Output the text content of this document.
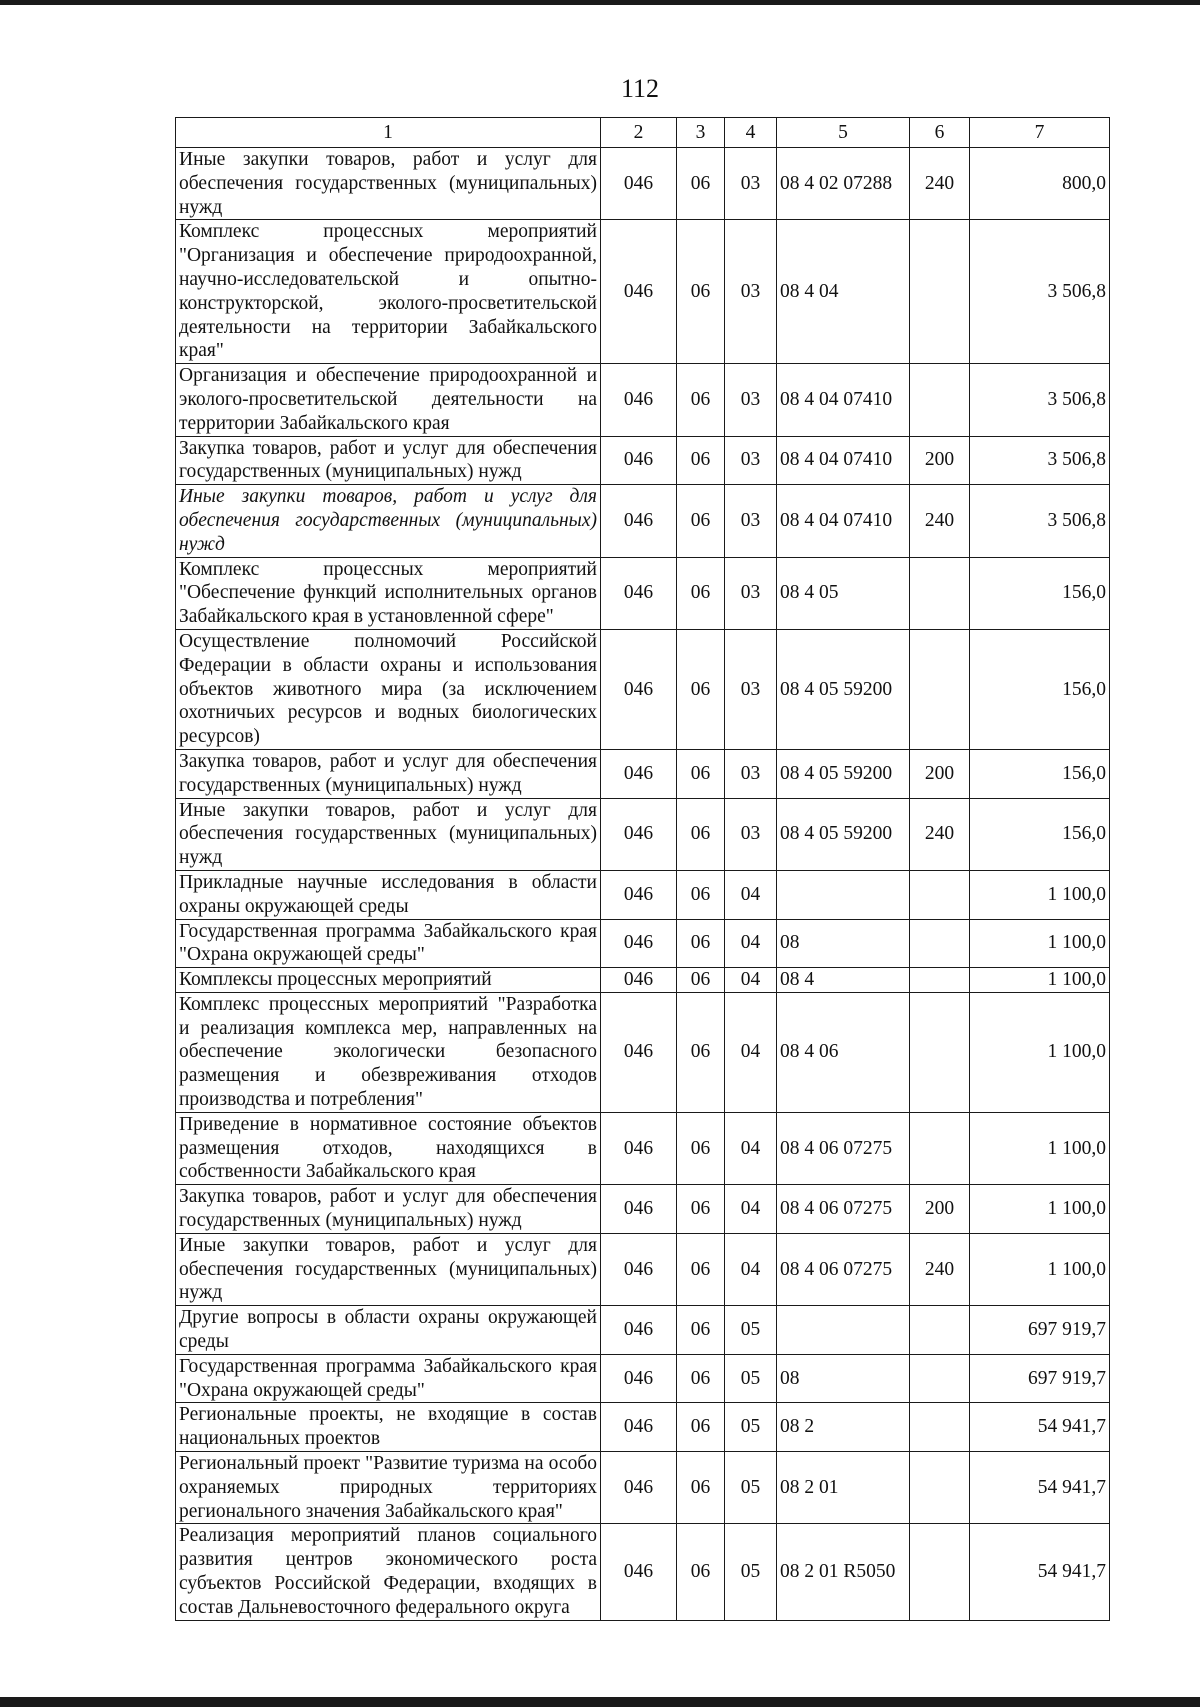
112
1	2	3	4	5	6	7
Иные закупки товаров, работ и услуг для обеспечения государственных (муниципальных) нужд	046	06	03	08 4 02 07288	240	800,0
Комплекс процессных мероприятий "Организация и обеспечение природоохранной, научно-исследовательской и опытно-конструкторской, эколого-просветительской деятельности на территории Забайкальского края"	046	06	03	08 4 04		3 506,8
Организация и обеспечение природоохранной и эколого-просветительской деятельности на территории Забайкальского края	046	06	03	08 4 04 07410		3 506,8
Закупка товаров, работ и услуг для обеспечения государственных (муниципальных) нужд	046	06	03	08 4 04 07410	200	3 506,8
Иные закупки товаров, работ и услуг для обеспечения государственных (муниципальных) нужд	046	06	03	08 4 04 07410	240	3 506,8
Комплекс процессных мероприятий "Обеспечение функций исполнительных органов Забайкальского края в установленной сфере"	046	06	03	08 4 05		156,0
Осуществление полномочий Российской Федерации в области охраны и использования объектов животного мира (за исключением охотничьих ресурсов и водных биологических ресурсов)	046	06	03	08 4 05 59200		156,0
Закупка товаров, работ и услуг для обеспечения государственных (муниципальных) нужд	046	06	03	08 4 05 59200	200	156,0
Иные закупки товаров, работ и услуг для обеспечения государственных (муниципальных) нужд	046	06	03	08 4 05 59200	240	156,0
Прикладные научные исследования в области охраны окружающей среды	046	06	04			1 100,0
Государственная программа Забайкальского края "Охрана окружающей среды"	046	06	04	08		1 100,0
Комплексы процессных мероприятий	046	06	04	08 4		1 100,0
Комплекс процессных мероприятий "Разработка и реализация комплекса мер, направленных на обеспечение экологически безопасного размещения и обезвреживания отходов производства и потребления"	046	06	04	08 4 06		1 100,0
Приведение в нормативное состояние объектов размещения отходов, находящихся в собственности Забайкальского края	046	06	04	08 4 06 07275		1 100,0
Закупка товаров, работ и услуг для обеспечения государственных (муниципальных) нужд	046	06	04	08 4 06 07275	200	1 100,0
Иные закупки товаров, работ и услуг для обеспечения государственных (муниципальных) нужд	046	06	04	08 4 06 07275	240	1 100,0
Другие вопросы в области охраны окружающей среды	046	06	05			697 919,7
Государственная программа Забайкальского края "Охрана окружающей среды"	046	06	05	08		697 919,7
Региональные проекты, не входящие в состав национальных проектов	046	06	05	08 2		54 941,7
Региональный проект "Развитие туризма на особо охраняемых природных территориях регионального значения Забайкальского края"	046	06	05	08 2 01		54 941,7
Реализация мероприятий планов социального развития центров экономического роста субъектов Российской Федерации, входящих в состав Дальневосточного федерального округа	046	06	05	08 2 01 R5050		54 941,7
